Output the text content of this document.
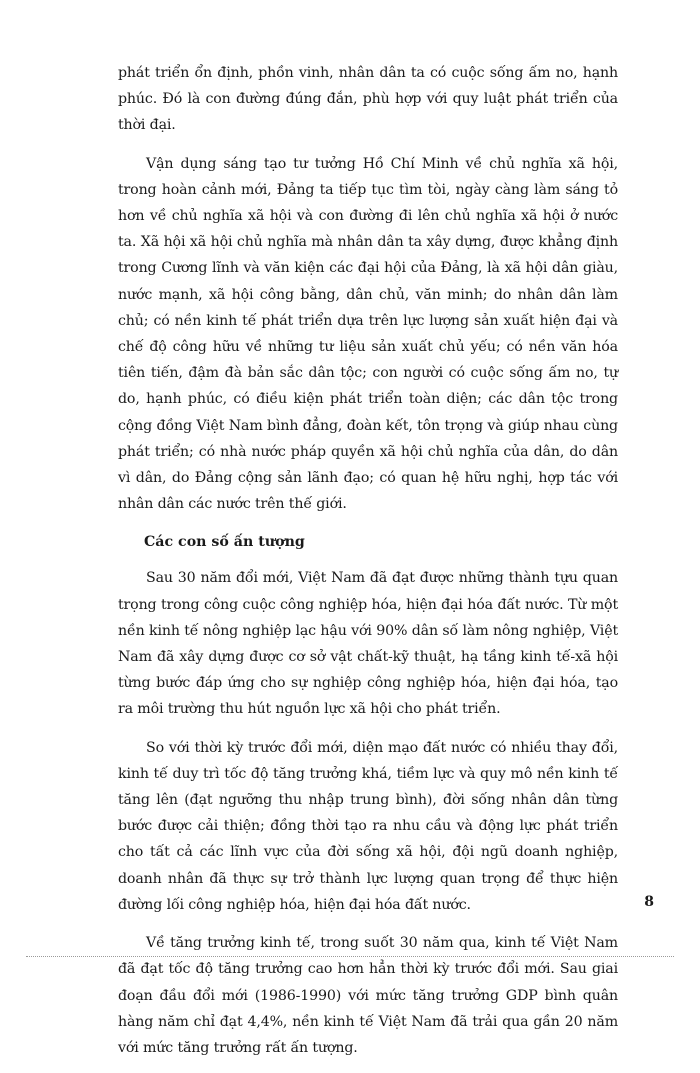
phát triển ổn định, phồn vinh, nhân dân ta có cuộc sống ấm no, hạnh phúc. Đó là con đường đúng đắn, phù hợp với quy luật phát triển của thời đại.

Vận dụng sáng tạo tư tưởng Hồ Chí Minh về chủ nghĩa xã hội, trong hoàn cảnh mới, Đảng ta tiếp tục tìm tòi, ngày càng làm sáng tỏ hơn về chủ nghĩa xã hội và con đường đi lên chủ nghĩa xã hội ở nước ta. Xã hội xã hội chủ nghĩa mà nhân dân ta xây dựng, được khẳng định trong Cương lĩnh và văn kiện các đại hội của Đảng, là xã hội dân giàu, nước mạnh, xã hội công bằng, dân chủ, văn minh; do nhân dân làm chủ; có nền kinh tế phát triển dựa trên lực lượng sản xuất hiện đại và chế độ công hữu về những tư liệu sản xuất chủ yếu; có nền văn hóa tiên tiến, đậm đà bản sắc dân tộc; con người có cuộc sống ấm no, tự do, hạnh phúc, có điều kiện phát triển toàn diện; các dân tộc trong cộng đồng Việt Nam bình đẳng, đoàn kết, tôn trọng và giúp nhau cùng phát triển; có nhà nước pháp quyền xã hội chủ nghĩa của dân, do dân vì dân, do Đảng cộng sản lãnh đạo; có quan hệ hữu nghị, hợp tác với nhân dân các nước trên thế giới.

Các con số ấn tượng

Sau 30 năm đổi mới, Việt Nam đã đạt được những thành tựu quan trọng trong công cuộc công nghiệp hóa, hiện đại hóa đất nước. Từ một nền kinh tế nông nghiệp lạc hậu với 90% dân số làm nông nghiệp, Việt Nam đã xây dựng được cơ sở vật chất-kỹ thuật, hạ tầng kinh tế-xã hội từng bước đáp ứng cho sự nghiệp công nghiệp hóa, hiện đại hóa, tạo ra môi trường thu hút nguồn lực xã hội cho phát triển.

So với thời kỳ trước đổi mới, diện mạo đất nước có nhiều thay đổi, kinh tế duy trì tốc độ tăng trưởng khá, tiềm lực và quy mô nền kinh tế tăng lên (đạt ngưỡng thu nhập trung bình), đời sống nhân dân từng bước được cải thiện; đồng thời tạo ra nhu cầu và động lực phát triển cho tất cả các lĩnh vực của đời sống xã hội, đội ngũ doanh nghiệp, doanh nhân đã thực sự trở thành lực lượng quan trọng để thực hiện đường lối công nghiệp hóa, hiện đại hóa đất nước.

Về tăng trưởng kinh tế, trong suốt 30 năm qua, kinh tế Việt Nam đã đạt tốc độ tăng trưởng cao hơn hẳn thời kỳ trước đổi mới. Sau giai đoạn đầu đổi mới (1986-1990) với mức tăng trưởng GDP bình quân hàng năm chỉ đạt 4,4%, nền kinh tế Việt Nam đã trải qua gần 20 năm với mức tăng trưởng rất ấn tượng.

8
